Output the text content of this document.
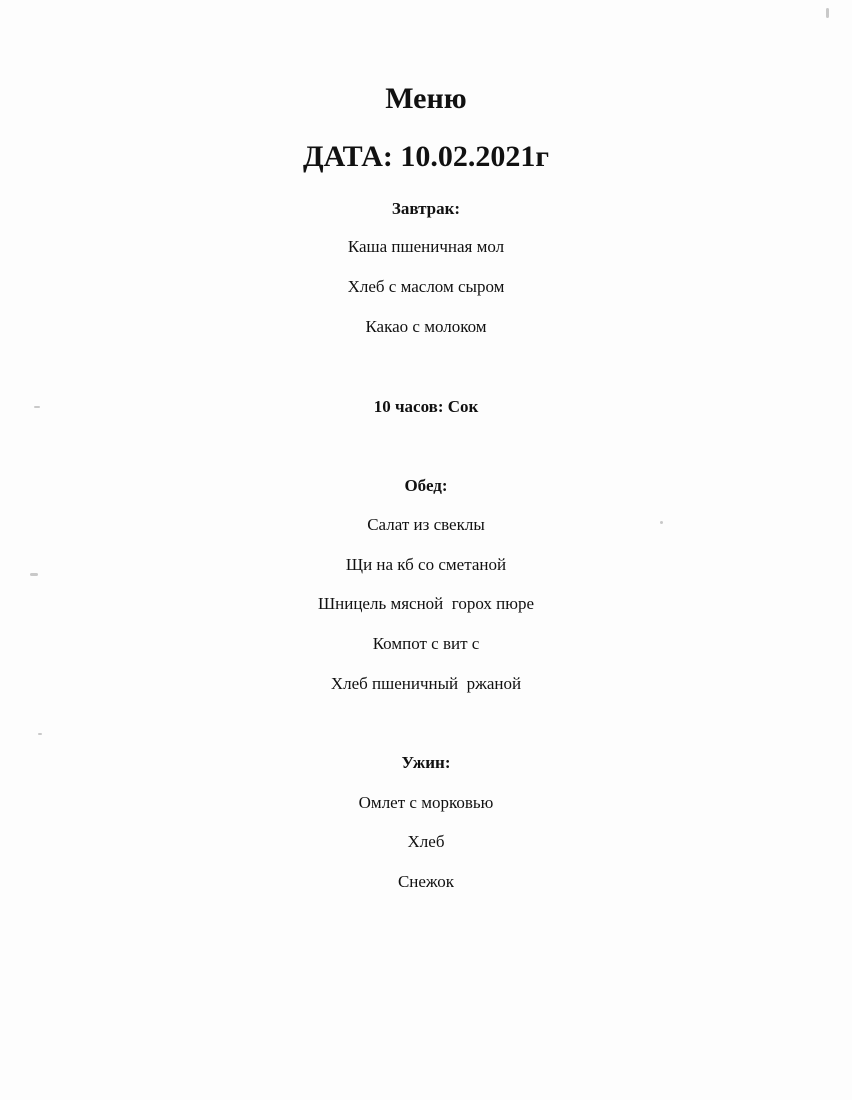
Меню
ДАТА: 10.02.2021г
Завтрак:
Каша пшеничная мол
Хлеб с маслом сыром
Какао с молоком
10 часов: Сок
Обед:
Салат из свеклы
Щи на кб со сметаной
Шницель мясной  горох пюре
Компот с вит с
Хлеб пшеничный  ржаной
Ужин:
Омлет с морковью
Хлеб
Снежок
